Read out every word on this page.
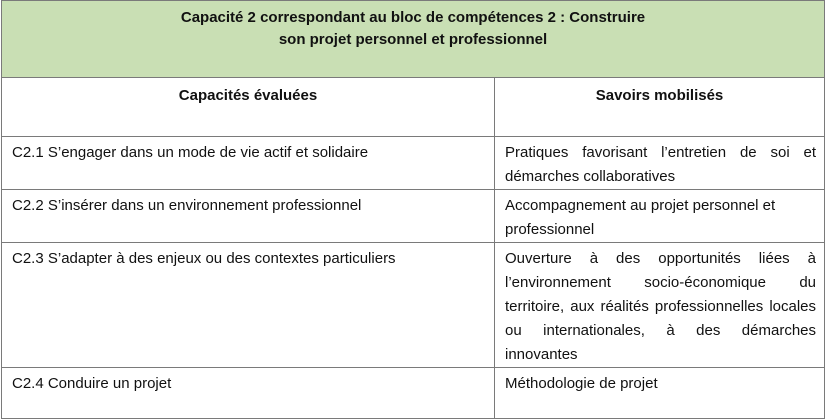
Capacité 2 correspondant au bloc de compétences 2 : Construire
son projet personnel et professionnel	

Capacités évaluées	Savoirs mobilisés
C2.1 S’engager dans un mode de vie actif et solidaire	Pratiques favorisant l’entretien de soi et démarches collaboratives
C2.2 S’insérer dans un environnement professionnel	Accompagnement au projet personnel et professionnel
C2.3 S’adapter à des enjeux ou des contextes particuliers	Ouverture à des opportunités liées à l’environnement socio-économique du territoire, aux réalités professionnelles locales ou internationales, à des démarches innovantes
C2.4 Conduire un projet	Méthodologie de projet
